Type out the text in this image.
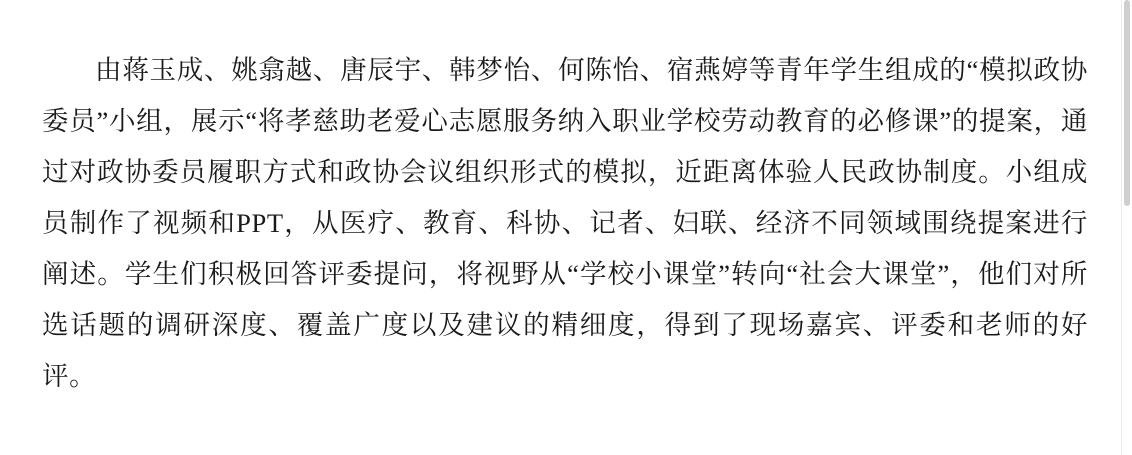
由蒋玉成、姚翕越、唐辰宇、韩梦怡、何陈怡、宿燕婷等青年学生组成的“模拟政协委员”小组，展示“将孝慈助老爱心志愿服务纳入职业学校劳动教育的必修课”的提案，通过对政协委员履职方式和政协会议组织形式的模拟，近距离体验人民政协制度。小组成员制作了视频和PPT，从医疗、教育、科协、记者、妇联、经济不同领域围绕提案进行阐述。学生们积极回答评委提问，将视野从“学校小课堂”转向“社会大课堂”，他们对所选话题的调研深度、覆盖广度以及建议的精细度，得到了现场嘉宾、评委和老师的好评。
